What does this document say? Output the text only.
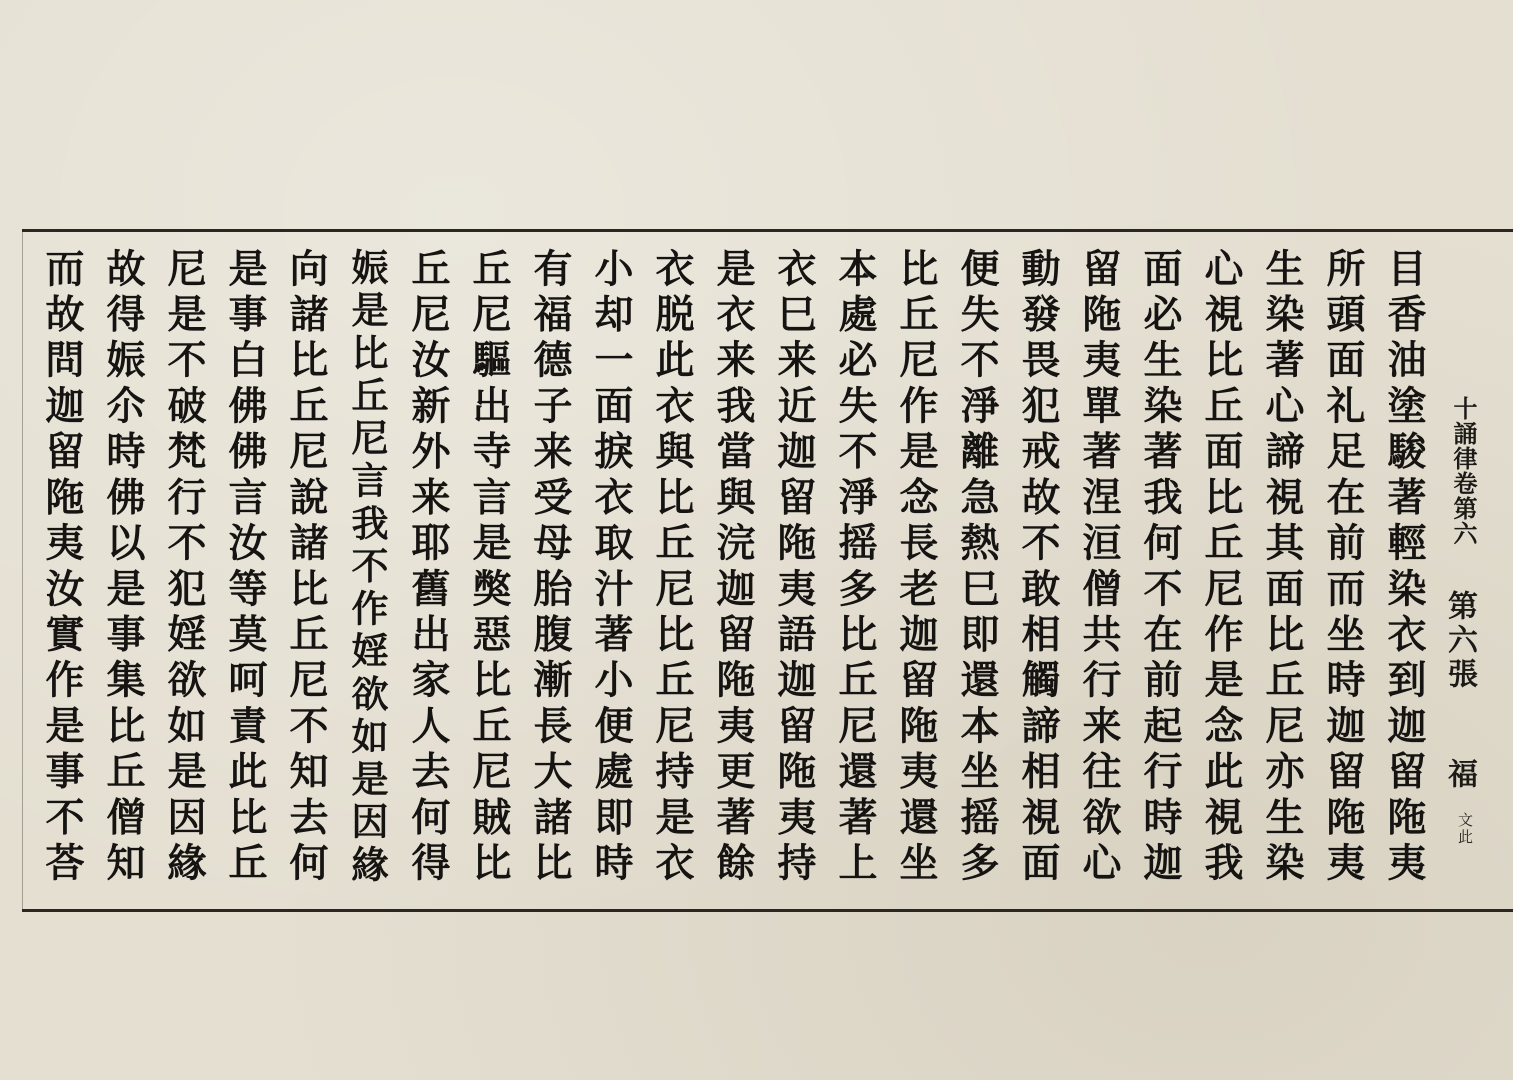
十誦律卷第六
第六張
福
文此
目香油塗駿著輕染衣到迦留陁夷
所頭面礼足在前而坐時迦留陁夷
生染著心諦視其面比丘尼亦生染
心視比丘面比丘尼作是念此視我
面必生染著我何不在前起行時迦
留陁夷單著涅洹僧共行来往欲心
動發畏犯戒故不敢相觸諦相視面
便失不淨離急熱巳即還本坐摇多
比丘尼作是念長老迦留陁夷還坐
本處必失不淨摇多比丘尼還著上
衣巳来近迦留陁夷語迦留陁夷持
是衣来我當與浣迦留陁夷更著餘
衣脱此衣與比丘尼比丘尼持是衣
小却一面捩衣取汁著小便處即時
有福德子来受母胎腹漸長大諸比
丘尼驅出寺言是獘惡比丘尼賊比
丘尼汝新外来耶舊出家人去何得
娠是比丘尼言我不作婬欲如是因緣
向諸比丘尼說諸比丘尼不知去何
是事白佛佛言汝等莫呵責此比丘
尼是不破梵行不犯婬欲如是因緣
故得娠尒時佛以是事集比丘僧知
而故問迦留陁夷汝實作是事不荅
